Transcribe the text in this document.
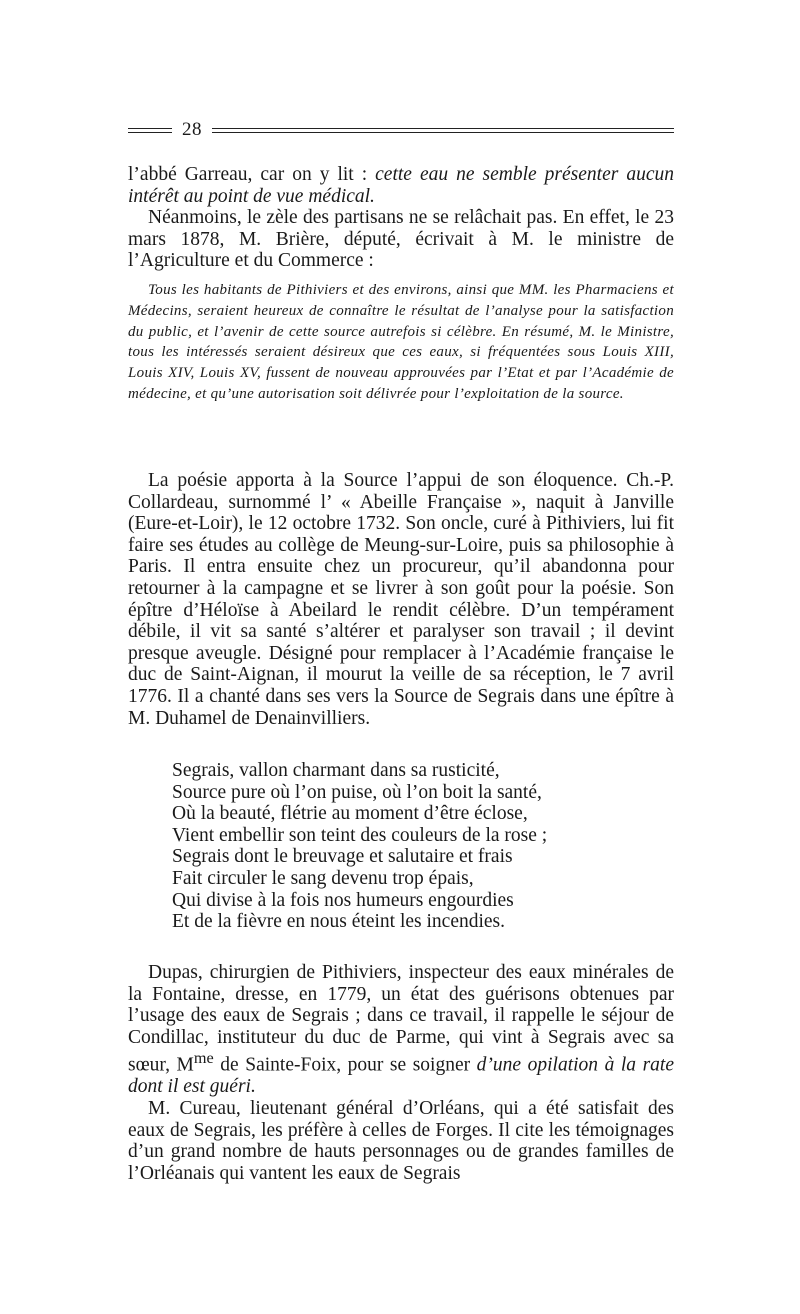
28

l’abbé Garreau, car on y lit : cette eau ne semble présenter aucun intérêt au point de vue médical.

Néanmoins, le zèle des partisans ne se relâchait pas. En effet, le 23 mars 1878, M. Brière, député, écrivait à M. le ministre de l’Agriculture et du Commerce :

Tous les habitants de Pithiviers et des environs, ainsi que MM. les Pharmaciens et Médecins, seraient heureux de connaître le résultat de l’analyse pour la satisfaction du public, et l’avenir de cette source autrefois si célèbre. En résumé, M. le Ministre, tous les intéressés seraient désireux que ces eaux, si fréquentées sous Louis XIII, Louis XIV, Louis XV, fussent de nouveau approuvées par l’Etat et par l’Académie de médecine, et qu’une autorisation soit délivrée pour l’exploitation de la source.

La poésie apporta à la Source l’appui de son éloquence. Ch.-P. Collardeau, surnommé l’ « Abeille Française », naquit à Janville (Eure-et-Loir), le 12 octobre 1732. Son oncle, curé à Pithiviers, lui fit faire ses études au collège de Meung-sur-Loire, puis sa philosophie à Paris. Il entra ensuite chez un procureur, qu’il abandonna pour retourner à la campagne et se livrer à son goût pour la poésie. Son épître d’Héloïse à Abeilard le rendit célèbre. D’un tempérament débile, il vit sa santé s’altérer et paralyser son travail ; il devint presque aveugle. Désigné pour remplacer à l’Académie française le duc de Saint-Aignan, il mourut la veille de sa réception, le 7 avril 1776. Il a chanté dans ses vers la Source de Segrais dans une épître à M. Duhamel de Denainvilliers.

Segrais, vallon charmant dans sa rusticité,
Source pure où l’on puise, où l’on boit la santé,
Où la beauté, flétrie au moment d’être éclose,
Vient embellir son teint des couleurs de la rose ;
Segrais dont le breuvage et salutaire et frais
Fait circuler le sang devenu trop épais,
Qui divise à la fois nos humeurs engourdies
Et de la fièvre en nous éteint les incendies.

Dupas, chirurgien de Pithiviers, inspecteur des eaux minérales de la Fontaine, dresse, en 1779, un état des guérisons obtenues par l’usage des eaux de Segrais ; dans ce travail, il rappelle le séjour de Condillac, instituteur du duc de Parme, qui vint à Segrais avec sa sœur, $M^{me}$ de Sainte-Foix, pour se soigner d’une opilation à la rate dont il est guéri.

M. Cureau, lieutenant général d’Orléans, qui a été satisfait des eaux de Segrais, les préfère à celles de Forges. Il cite les témoignages d’un grand nombre de hauts personnages ou de grandes familles de l’Orléanais qui vantent les eaux de Segrais
